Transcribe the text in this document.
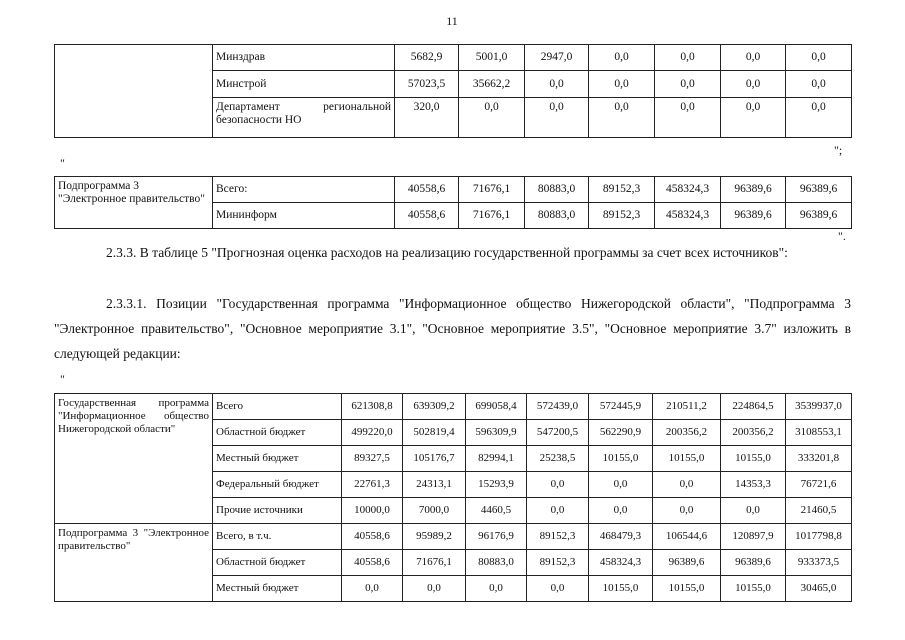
11
	Минздрав	5682,9	5001,0	2947,0	0,0	0,0	0,0	0,0
	Минстрой	57023,5	35662,2	0,0	0,0	0,0	0,0	0,0
	Департамент региональной безопасности НО	320,0	0,0	0,0	0,0	0,0	0,0	0,0
";
"
Подпрограмма 3 "Электронное правительство"	Всего:	40558,6	71676,1	80883,0	89152,3	458324,3	96389,6	96389,6
	Мининформ	40558,6	71676,1	80883,0	89152,3	458324,3	96389,6	96389,6
".
2.3.3. В таблице 5 "Прогнозная оценка расходов на реализацию государственной программы за счет всех источников":
2.3.3.1. Позиции "Государственная программа "Информационное общество Нижегородской области", "Подпрограмма 3 "Электронное правительство", "Основное мероприятие 3.1", "Основное мероприятие 3.5", "Основное мероприятие 3.7" изложить в следующей редакции:
"
Государственная программа "Информационное общество Нижегородской области"	Всего	621308,8	639309,2	699058,4	572439,0	572445,9	210511,2	224864,5	3539937,0
	Областной бюджет	499220,0	502819,4	596309,9	547200,5	562290,9	200356,2	200356,2	3108553,1
	Местный бюджет	89327,5	105176,7	82994,1	25238,5	10155,0	10155,0	10155,0	333201,8
	Федеральный бюджет	22761,3	24313,1	15293,9	0,0	0,0	0,0	14353,3	76721,6
	Прочие источники	10000,0	7000,0	4460,5	0,0	0,0	0,0	0,0	21460,5
Подпрограмма 3 "Электронное правительство"	Всего, в т.ч.	40558,6	95989,2	96176,9	89152,3	468479,3	106544,6	120897,9	1017798,8
	Областной бюджет	40558,6	71676,1	80883,0	89152,3	458324,3	96389,6	96389,6	933373,5
	Местный бюджет	0,0	0,0	0,0	0,0	10155,0	10155,0	10155,0	30465,0
